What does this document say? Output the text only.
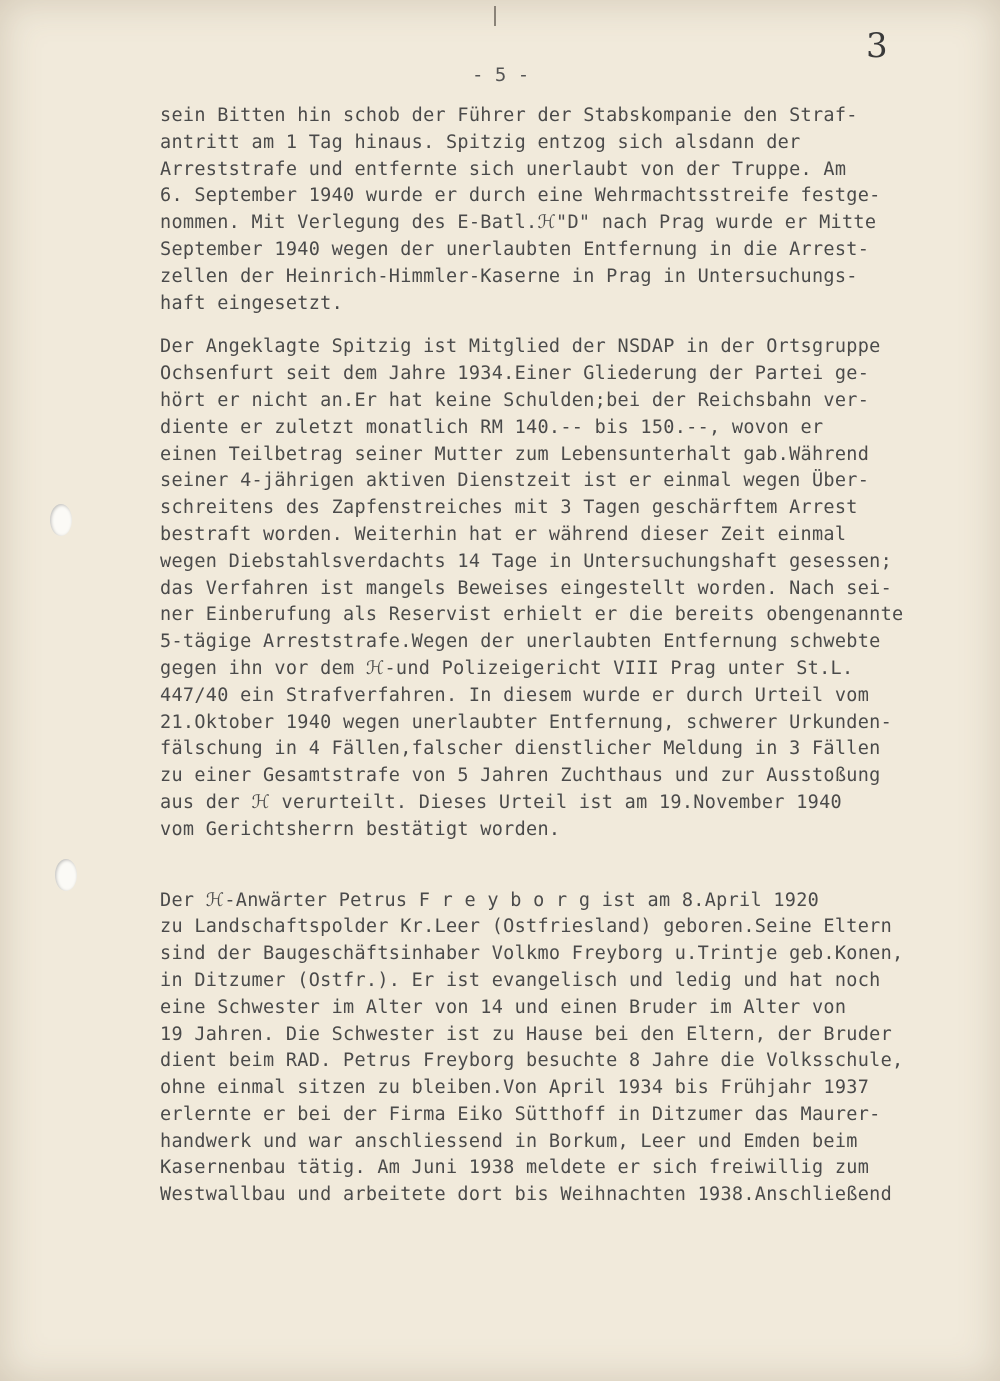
- 5 -
3
sein Bitten hin schob der Führer der Stabskompanie den Straf-
antritt am 1 Tag hinaus. Spitzig entzog sich alsdann der
Arreststrafe und entfernte sich unerlaubt von der Truppe. Am
6. September 1940 wurde er durch eine Wehrmachtsstreife festge-
nommen. Mit Verlegung des E-Batl.ℋ"D" nach Prag wurde er Mitte
September 1940 wegen der unerlaubten Entfernung in die Arrest-
zellen der Heinrich-Himmler-Kaserne in Prag in Untersuchungs-
haft eingesetzt.
Der Angeklagte Spitzig ist Mitglied der NSDAP in der Ortsgruppe
Ochsenfurt seit dem Jahre 1934.Einer Gliederung der Partei ge-
hört er nicht an.Er hat keine Schulden;bei der Reichsbahn ver-
diente er zuletzt monatlich RM 140.-- bis 150.--, wovon er
einen Teilbetrag seiner Mutter zum Lebensunterhalt gab.Während
seiner 4-jährigen aktiven Dienstzeit ist er einmal wegen Über-
schreitens des Zapfenstreiches mit 3 Tagen geschärftem Arrest
bestraft worden. Weiterhin hat er während dieser Zeit einmal
wegen Diebstahlsverdachts 14 Tage in Untersuchungshaft gesessen;
das Verfahren ist mangels Beweises eingestellt worden. Nach sei-
ner Einberufung als Reservist erhielt er die bereits obengenannte
5-tägige Arreststrafe.Wegen der unerlaubten Entfernung schwebte
gegen ihn vor dem ℋ-und Polizeigericht VIII Prag unter St.L.
447/40 ein Strafverfahren. In diesem wurde er durch Urteil vom
21.Oktober 1940 wegen unerlaubter Entfernung, schwerer Urkunden-
fälschung in 4 Fällen,falscher dienstlicher Meldung in 3 Fällen
zu einer Gesamtstrafe von 5 Jahren Zuchthaus und zur Ausstoßung
aus der ℋ verurteilt. Dieses Urteil ist am 19.November 1940
vom Gerichtsherrn bestätigt worden.
Der ℋ-Anwärter Petrus F r e y b o r g ist am 8.April 1920
zu Landschaftspolder Kr.Leer (Ostfriesland) geboren.Seine Eltern
sind der Baugeschäftsinhaber Volkmo Freyborg u.Trintje geb.Konen,
in Ditzumer (Ostfr.). Er ist evangelisch und ledig und hat noch
eine Schwester im Alter von 14 und einen Bruder im Alter von
19 Jahren. Die Schwester ist zu Hause bei den Eltern, der Bruder
dient beim RAD. Petrus Freyborg besuchte 8 Jahre die Volksschule,
ohne einmal sitzen zu bleiben.Von April 1934 bis Frühjahr 1937
erlernte er bei der Firma Eiko Sütthoff in Ditzumer das Maurer-
handwerk und war anschliessend in Borkum, Leer und Emden beim
Kasernenbau tätig. Am Juni 1938 meldete er sich freiwillig zum
Westwallbau und arbeitete dort bis Weihnachten 1938.Anschließend
